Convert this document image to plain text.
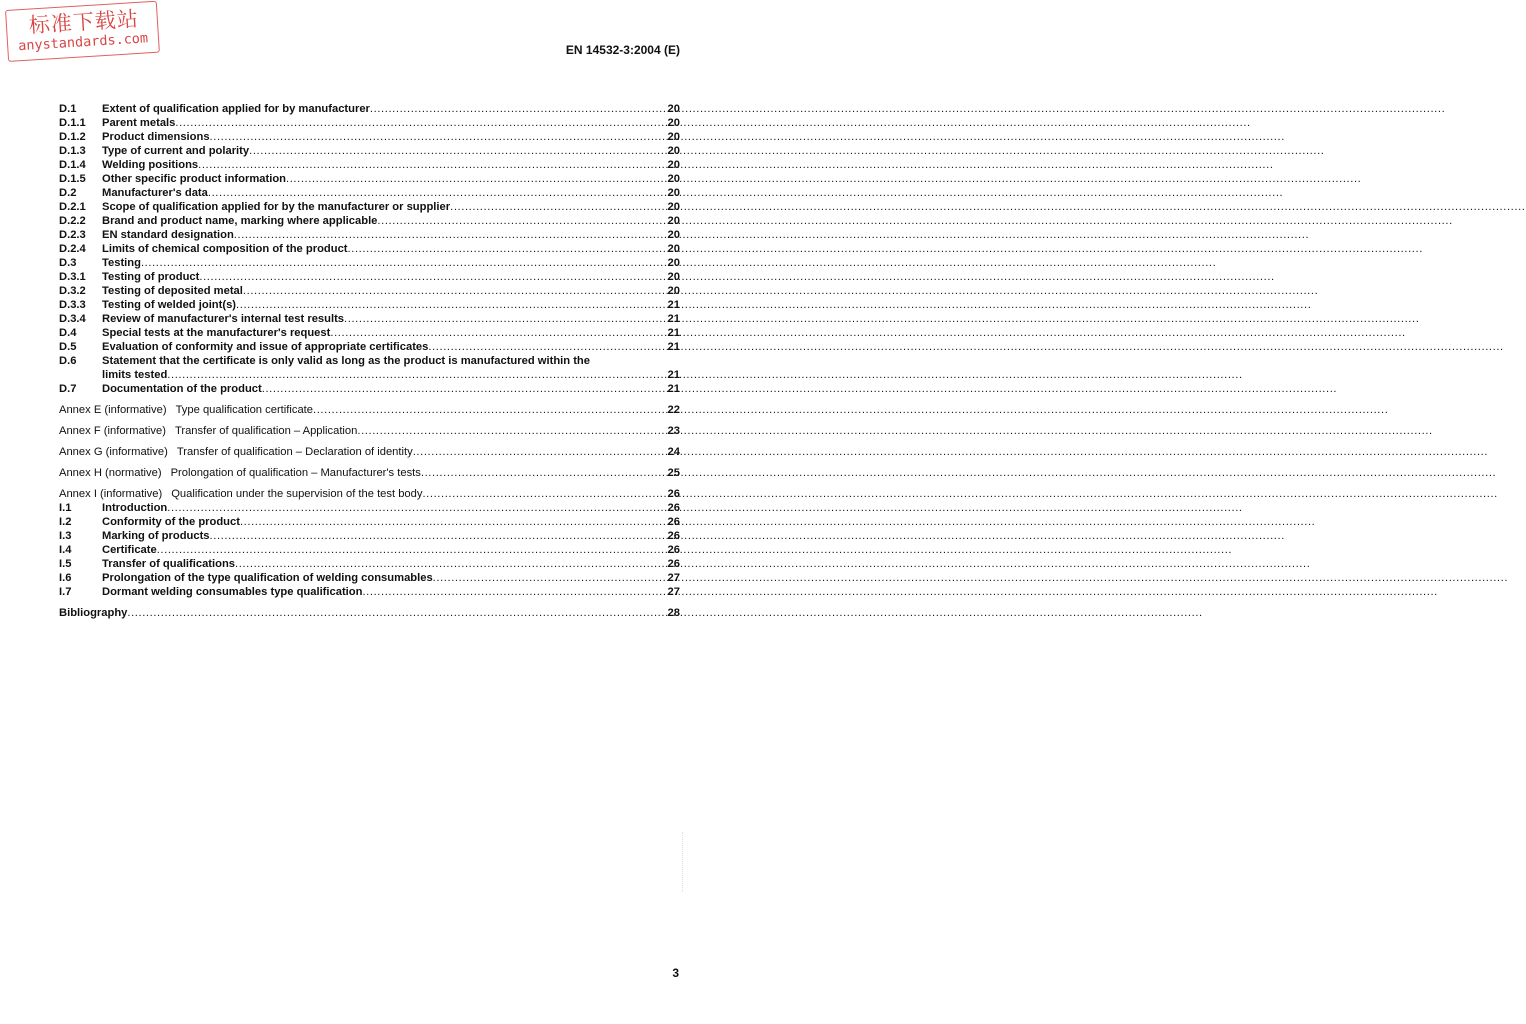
标准下载站
anystandards.com	EN 14532-3:2004 (E)
D.1	Extent of qualification applied for by manufacturer .....	20
D.1.1	Parent metals .....	20
D.1.2	Product dimensions .....	20
D.1.3	Type of current and polarity .....	20
D.1.4	Welding positions .....	20
D.1.5	Other specific product information .....	20
D.2	Manufacturer's data .....	20
D.2.1	Scope of qualification applied for by the manufacturer or supplier .....	20
D.2.2	Brand and product name, marking where applicable .....	20
D.2.3	EN standard designation .....	20
D.2.4	Limits of chemical composition of the product .....	20
D.3	Testing .....	20
D.3.1	Testing of product .....	20
D.3.2	Testing of deposited metal .....	20
D.3.3	Testing of welded joint(s) .....	21
D.3.4	Review of manufacturer's internal test results .....	21
D.4	Special tests at the manufacturer's request .....	21
D.5	Evaluation of conformity and issue of appropriate certificates .....	21
D.6	Statement that the certificate is only valid as long as the product is manufactured within the
limits tested .....	21
D.7	Documentation of the product .....	21
Annex E (informative) Type qualification certificate .....	22
Annex F (informative) Transfer of qualification – Application .....	23
Annex G (informative) Transfer of qualification – Declaration of identity .....	24
Annex H (normative) Prolongation of qualification – Manufacturer's tests .....	25
Annex I (informative) Qualification under the supervision of the test body .....	26
I.1	Introduction .....	26
I.2	Conformity of the product .....	26
I.3	Marking of products .....	26
I.4	Certificate .....	26
I.5	Transfer of qualifications .....	26
I.6	Prolongation of the type qualification of welding consumables .....	27
I.7	Dormant welding consumables type qualification .....	27
Bibliography .....	28
3
